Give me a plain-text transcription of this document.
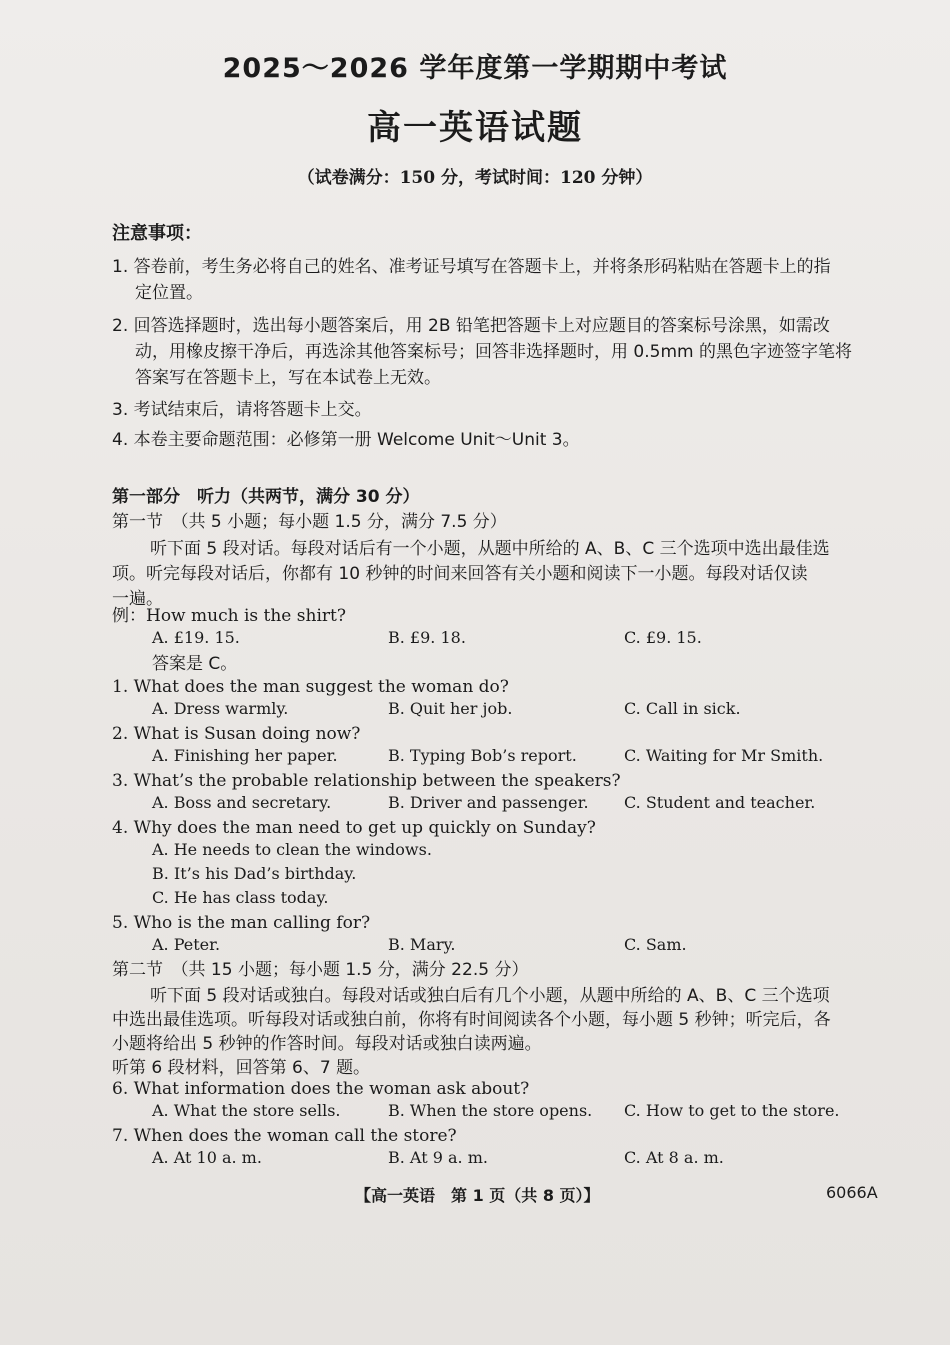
2025～2026 学年度第一学期期中考试
高一英语试题
（试卷满分：150 分，考试时间：120 分钟）
注意事项：
1. 答卷前，考生务必将自己的姓名、准考证号填写在答题卡上，并将条形码粘贴在答题卡上的指
定位置。
2. 回答选择题时，选出每小题答案后，用 2B 铅笔把答题卡上对应题目的答案标号涂黑，如需改
动，用橡皮擦干净后，再选涂其他答案标号；回答非选择题时，用 0.5mm 的黑色字迹签字笔将
答案写在答题卡上，写在本试卷上无效。
3. 考试结束后，请将答题卡上交。
4. 本卷主要命题范围：必修第一册 Welcome Unit～Unit 3。
第一部分　听力（共两节，满分 30 分）
第一节　（共 5 小题；每小题 1.5 分，满分 7.5 分）
听下面 5 段对话。每段对话后有一个小题，从题中所给的 A、B、C 三个选项中选出最佳选
项。听完每段对话后，你都有 10 秒钟的时间来回答有关小题和阅读下一小题。每段对话仅读
一遍。
例：How much is the shirt?
A. £19. 15.	B. £9. 18.	C. £9. 15.
答案是 C。
1. What does the man suggest the woman do?
A. Dress warmly.	B. Quit her job.	C. Call in sick.
2. What is Susan doing now?
A. Finishing her paper.	B. Typing Bob’s report.	C. Waiting for Mr Smith.
3. What’s the probable relationship between the speakers?
A. Boss and secretary.	B. Driver and passenger. C. Student and teacher.
4. Why does the man need to get up quickly on Sunday?
A. He needs to clean the windows.
B. It’s his Dad’s birthday.
C. He has class today.
5. Who is the man calling for?
A. Peter.	B. Mary.	C. Sam.
第二节　（共 15 小题；每小题 1.5 分，满分 22.5 分）
听下面 5 段对话或独白。每段对话或独白后有几个小题，从题中所给的 A、B、C 三个选项
中选出最佳选项。听每段对话或独白前，你将有时间阅读各个小题，每小题 5 秒钟；听完后，各
小题将给出 5 秒钟的作答时间。每段对话或独白读两遍。
听第 6 段材料，回答第 6、7 题。
6. What information does the woman ask about?
A. What the store sells.	B. When the store opens. C. How to get to the store.
7. When does the woman call the store?
A. At 10 a. m.	B. At 9 a. m.	C. At 8 a. m.
【高一英语　第 1 页（共 8 页）】	6066A
